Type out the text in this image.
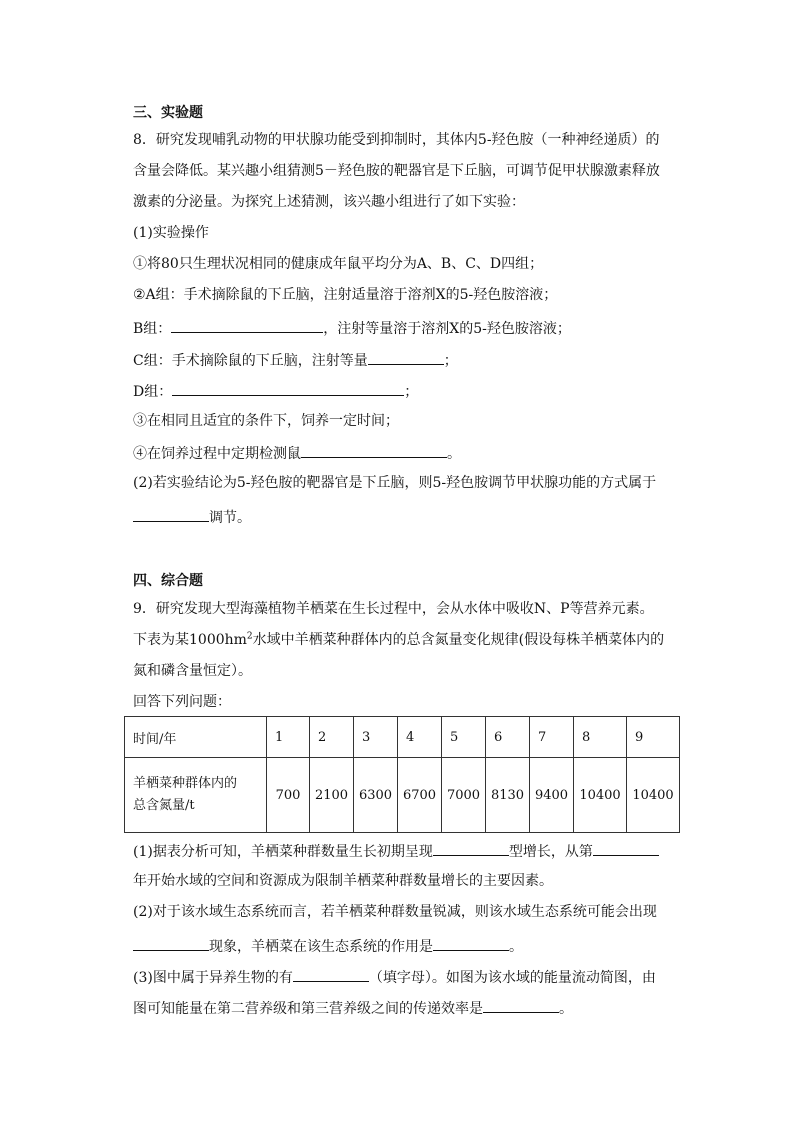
三、实验题
8．研究发现哺乳动物的甲状腺功能受到抑制时，其体内5-羟色胺（一种神经递质）的
含量会降低。某兴趣小组猜测5－羟色胺的靶器官是下丘脑，可调节促甲状腺激素释放
激素的分泌量。为探究上述猜测，该兴趣小组进行了如下实验：
(1)实验操作
①将80只生理状况相同的健康成年鼠平均分为A、B、C、D四组；
②A组：手术摘除鼠的下丘脑，注射适量溶于溶剂X的5-羟色胺溶液；
B组：	，注射等量溶于溶剂X的5-羟色胺溶液；
C组：手术摘除鼠的下丘脑，注射等量	；
D组：	；
③在相同且适宜的条件下，饲养一定时间；
④在饲养过程中定期检测鼠	。
(2)若实验结论为5-羟色胺的靶器官是下丘脑，则5-羟色胺调节甲状腺功能的方式属于
调节。
四、综合题
9．研究发现大型海藻植物羊栖菜在生长过程中，会从水体中吸收N、P等营养元素。
下表为某$1000hm^2$水域中羊栖菜种群体内的总含氮量变化规律(假设每株羊栖菜体内的
氮和磷含量恒定）。
回答下列问题：
时间/年	1	2	3	4	5	6	7	8	9

羊栖菜种群体内的
总含氮量/t	700	2100	6300	6700	7000	8130	9400	10400	10400
(1)据表分析可知，羊栖菜种群数量生长初期呈现	型增长，从第
年开始水域的空间和资源成为限制羊栖菜种群数量增长的主要因素。
(2)对于该水域生态系统而言，若羊栖菜种群数量锐减，则该水域生态系统可能会出现
现象，羊栖菜在该生态系统的作用是	。
(3)图中属于异养生物的有	（填字母）。如图为该水域的能量流动简图，由
图可知能量在第二营养级和第三营养级之间的传递效率是	。
